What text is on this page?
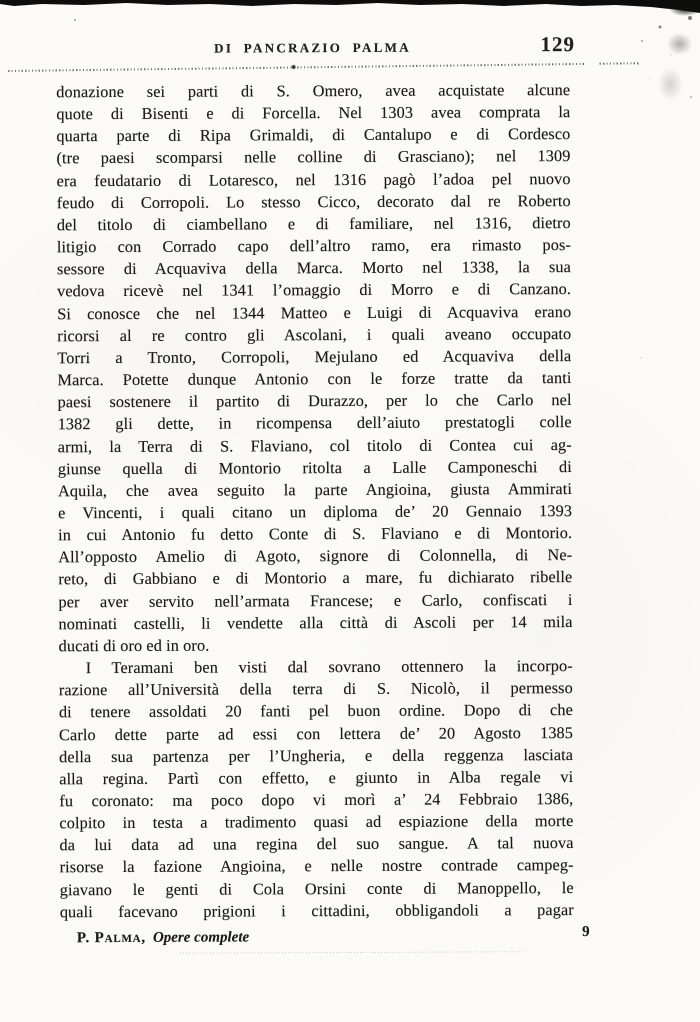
DI PANCRAZIO PALMA	129
donazione sei parti di S. Omero, avea acquistate alcune
quote di Bisenti e di Forcella. Nel 1303 avea comprata la
quarta parte di Ripa Grimaldi, di Cantalupo e di Cordesco
(tre paesi scomparsi nelle colline di Grasciano); nel 1309
era feudatario di Lotaresco, nel 1316 pagò l’adoa pel nuovo
feudo di Corropoli. Lo stesso Cicco, decorato dal re Roberto
del titolo di ciambellano e di familiare, nel 1316, dietro
litigio con Corrado capo dell’altro ramo, era rimasto pos-
sessore di Acquaviva della Marca. Morto nel 1338, la sua
vedova ricevè nel 1341 l’omaggio di Morro e di Canzano.
Si conosce che nel 1344 Matteo e Luigi di Acquaviva erano
ricorsi al re contro gli Ascolani, i quali aveano occupato
Torri a Tronto, Corropoli, Mejulano ed Acquaviva della
Marca. Potette dunque Antonio con le forze tratte da tanti
paesi sostenere il partito di Durazzo, per lo che Carlo nel
1382 gli dette, in ricompensa dell’aiuto prestatogli colle
armi, la Terra di S. Flaviano, col titolo di Contea cui ag-
giunse quella di Montorio ritolta a Lalle Camponeschi di
Aquila, che avea seguito la parte Angioina, giusta Ammirati
e Vincenti, i quali citano un diploma de’ 20 Gennaio 1393
in cui Antonio fu detto Conte di S. Flaviano e di Montorio.
All’opposto Amelio di Agoto, signore di Colonnella, di Ne-
reto, di Gabbiano e di Montorio a mare, fu dichiarato ribelle
per aver servito nell’armata Francese; e Carlo, confiscati i
nominati castelli, li vendette alla città di Ascoli per 14 mila
ducati di oro ed in oro.
I Teramani ben visti dal sovrano ottennero la incorpo-
razione all’Università della terra di S. Nicolò, il permesso
di tenere assoldati 20 fanti pel buon ordine. Dopo di che
Carlo dette parte ad essi con lettera de’ 20 Agosto 1385
della sua partenza per l’Ungheria, e della reggenza lasciata
alla regina. Partì con effetto, e giunto in Alba regale vi
fu coronato: ma poco dopo vi morì a’ 24 Febbraio 1386,
colpito in testa a tradimento quasi ad espiazione della morte
da lui data ad una regina del suo sangue. A tal nuova
risorse la fazione Angioina, e nelle nostre contrade campeg-
giavano le genti di Cola Orsini conte di Manoppello, le
quali facevano prigioni i cittadini, obbligandoli a pagar
P. Palma, Opere complete	9
